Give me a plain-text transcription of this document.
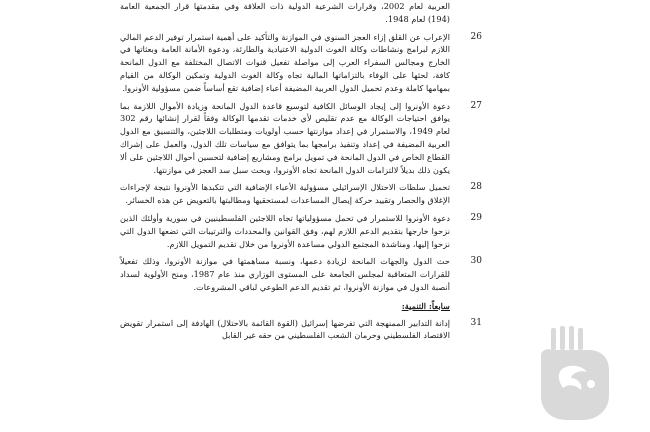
العربية لعام 2002، وقرارات الشرعية الدولية ذات العلاقة وفي مقدمتها قرار الجمعية العامة (194) لعام 1948.

26
الإعراب عن القلق إزاء العجز السنوي في الموازنة والتأكيد على أهمية استمرار توفير الدعم المالي اللازم لبرامج ونشاطات وكالة الغوث الدولية الاعتيادية والطارئة، ودعوة الأمانة العامة وبعثاتها في الخارج ومجالس السفراء العرب إلى مواصلة تفعيل قنوات الاتصال المختلفة مع الدول المانحة كافة، لحثها على الوفاء بالتزاماتها المالية تجاه وكالة الغوث الدولية وتمكين الوكالة من القيام بمهامها كاملة وعدم تحميل الدول العربية المضيفة أعباء إضافية تقع أساساً ضمن مسؤولية الأونروا.

27
دعوة الأونروا إلى إيجاد الوسائل الكافية لتوسيع قاعدة الدول المانحة وزيادة الأموال اللازمة بما يوافق احتياجات الوكالة مع عدم تقليص لأي خدمات تقدمها الوكالة وفقاً لقرار إنشائها رقم 302 لعام 1949، والاستمرار في إعداد موازنتها حسب أولويات ومتطلبات اللاجئين، والتنسيق مع الدول العربية المضيفة في إعداد وتنفيذ برامجها بما يتوافق مع سياسات تلك الدول، والعمل على إشراك القطاع الخاص في الدول المانحة في تمويل برامج ومشاريع إضافية لتحسين أحوال اللاجئين على ألا يكون ذلك بديلاً لالتزامات الدول المانحة تجاه الأونروا، وبحث سبل سد العجز في موازنتها.

28
تحميل سلطات الاحتلال الإسرائيلي مسؤولية الأعباء الإضافية التي تتكبدها الأونروا نتيجة لإجراءات الإغلاق والحصار وتقييد حركة إيصال المساعدات لمستحقيها ومطالبتها بالتعويض عن هذه الخسائر.

29
دعوة الأونروا للاستمرار في تحمل مسؤولياتها تجاه اللاجئين الفلسطينيين في سورية وأولئك الذين نزحوا خارجها بتقديم الدعم اللازم لهم، وفق القوانين والمحددات والترتيبات التي تضعها الدول التي نزحوا إليها، ومناشدة المجتمع الدولي مساعدة الأونروا من خلال تقديم التمويل اللازم.

30
حث الدول والجهات المانحة لزيادة دعمها، ونسبة مساهمتها في موازنة الأونروا، وذلك تفعيلاً للقرارات المتعاقبة لمجلس الجامعة على المستوى الوزاري منذ عام 1987، ومنح الأولوية لسداد أنصبة الدول في موازنة الأونروا، ثم تقديم الدعم الطوعي لباقي المشروعات.

سابعاً: التنمية:

31
إدانة التدابير الممنهجة التي تفرضها إسرائيل (القوة القائمة بالاحتلال) الهادفة إلى استمرار تقويض الاقتصاد الفلسطيني وحرمان الشعب الفلسطيني من حقه غير القابل
